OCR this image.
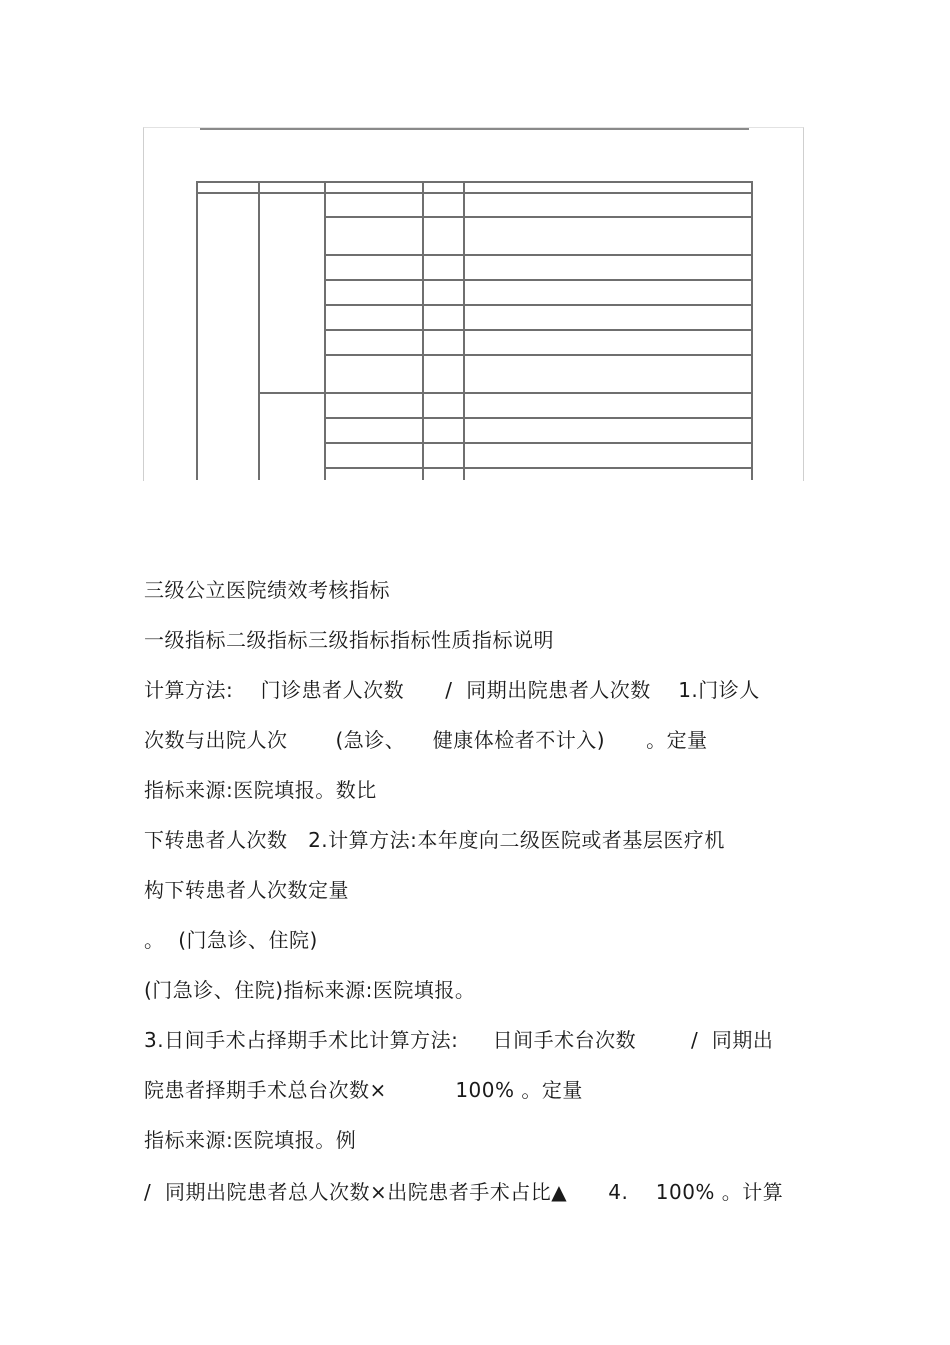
三级公立医院绩效考核指标
一级指标二级指标三级指标指标性质指标说明
计算方法:    门诊患者人次数      /  同期出院患者人次数    1.门诊人
次数与出院人次       (急诊、    健康体检者不计入)      。定量
指标来源:医院填报。数比
下转患者人次数   2.计算方法:本年度向二级医院或者基层医疗机
构下转患者人次数定量
。  (门急诊、住院)
(门急诊、住院)指标来源:医院填报。
3.日间手术占择期手术比计算方法:     日间手术台次数        /  同期出
院患者择期手术总台次数×          100% 。定量
指标来源:医院填报。例
/  同期出院患者总人次数×出院患者手术占比▲      4.    100% 。计算
